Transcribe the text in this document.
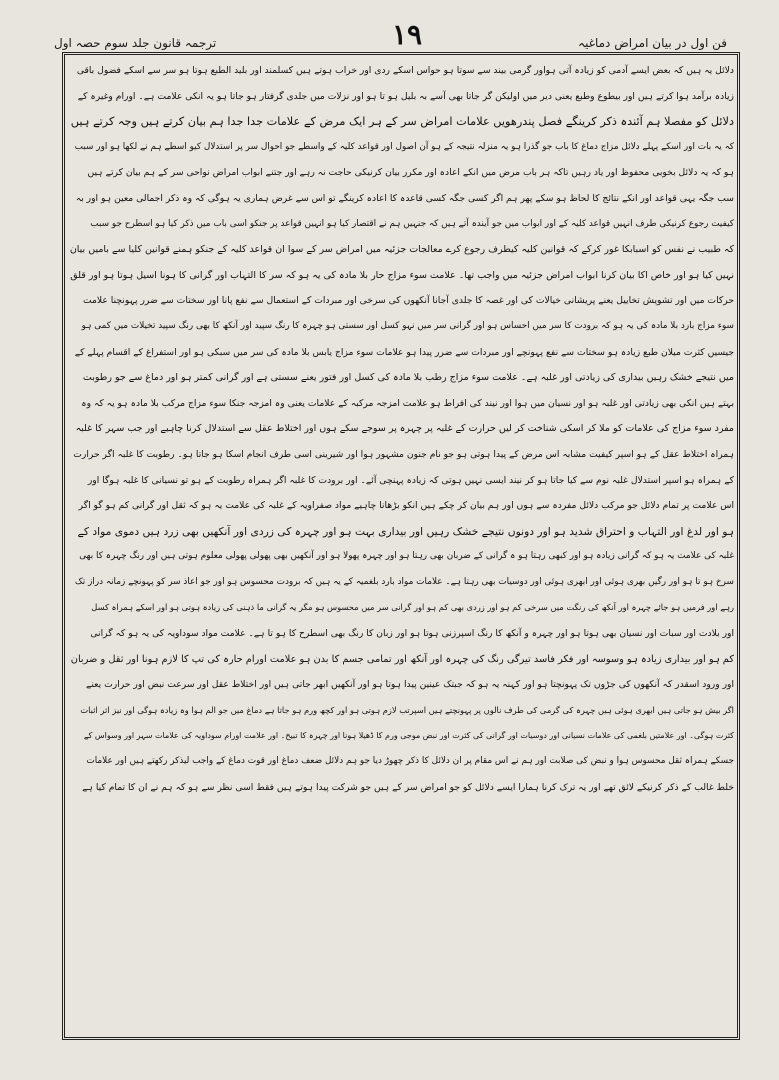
ترجمہ قانون جلد سوم حصہ اول	١٩	فن اول در بیان امراض دماغیہ
دلائل یہ ہیں کہ بعض ایسے آدمی کو زیادہ آتی ہواور گرمی بیند سے سوتا ہو حواس اسکے ردی اور خراب ہوتے ہیں کسلمند اور بلید الطبع ہوتا ہو سر سے اسکے فضول باقی
زیادہ برآمد ہوا کرتے ہیں اور بیطوع وطبع یعنی دیر میں اولیکن گر جاتا بھی آسے بہ بلیل ہو تا ہو اور نزلات میں جلدی گرفتار ہو جاتا ہو یہ انکی علامت ہے۔ اورام وغیرہ کے
دلائل کو مفصلا ہم آئندہ ذکر کرینگے فصل پندرھویں علامات امراض سر کے ہر ایک مرض کے علامات جدا جدا ہم بیان کرتے ہیں وجہ کرتے ہیں
کہ یہ بات اور اسکے پہلے دلائل مزاج دماغ کا باب جو گذرا ہو یہ منزلہ نتیجہ کے ہو آن اصول اور قواعد کلیہ کے واسطے جو احوال سر پر استدلال کیو اسطے ہم نے لکھا ہو اور سبب
ہو کہ یہ دلائل بخوبی محفوظ اور یاد رہیں تاکہ ہر باب مرض میں انکے اعادہ اور مکرر بیان کرنیکی حاجت نہ رہے اور جتنے ابواب امراض نواحی سر کے ہم بیان کرتے ہیں
سب جگہ یہی قواعد اور انکے نتائج کا لحاظ ہو سکے پھر ہم اگر کسی جگہ کسی قاعدہ کا اعادہ کرینگے تو اس سے غرض ہماری یہ ہوگی کہ وہ ذکر اجمالی معین ہو اور بہ
کیفیت رجوع کرنیکی طرف انہیں قواعد کلیہ کے اور ابواب میں جو آیندہ آتے ہیں کہ جنہیں ہم نے اقتصار کیا ہو انہیں قواعد پر جنکو اسی باب میں ذکر کیا ہو اسطرح جو سبب
کہ طبیب نے نفس کو اسبابکا غور کرکے کہ قوانین کلیہ کیطرف رجوع کرے معالجات جزئیہ میں امراض سر کے سوا ان قواعد کلیہ کے جنکو ہمنے قوانین کلیا سے بامیں بیان
نہیں کیا ہو اور خاص اکا بیان کرنا ابواب امراض جزئیہ میں واجب تھا۔ علامت سوء مزاج حار بلا مادہ کی یہ ہو کہ سر کا التہاب اور گرانی کا ہونا اسیل ہوتا ہو اور قلق
حرکات میں اور تشویش تخاییل یعنے پریشانی خیالات کی اور غصہ کا جلدی آجانا آنکھوں کی سرخی اور مبردات کے استعمال سے نفع پانا اور سختات سے ضرر پہونچنا علامت
سوء مزاج بارد بلا مادہ کی یہ ہو کہ برودت کا سر میں احساس ہو اور گرانی سر میں نہو کسل اور سستی ہو چہرہ کا رنگ سپید اور آنکھ کا بھی رنگ سپید تخیلات میں کمی ہو
جیسیں کثرت میلان طبع زیادہ ہو سختات سے نفع پہونچے اور مبردات سے ضرر پیدا ہو علامات سوء مزاج یابس بلا مادہ کی سر میں سبکی ہو اور استفراغ کے اقسام پہلے کے
میں نتیجے خشک رہیں بیداری کی زیادتی اور غلبہ ہے۔ علامت سوء مزاج رطب بلا مادہ کی کسل اور فتور یعنے سستی ہے اور گرانی کمتر ہو اور دماغ سے جو رطوبت
بہتے ہیں انکی بھی زیادتی اور غلبہ ہو اور نسیان میں ہوا اور نیند کی افراط ہو علامت امزجہ مرکبہ کے علامات یعنی وہ امزجہ جنکا سوء مزاج مرکب بلا مادہ ہو یہ کہ وہ
مفرد سوء مزاج کی علامات کو ملا کر اسکی شناخت کر لیں حرارت کے غلبہ پر چہرہ پر سوجے سکے ہوں اور اختلاط عقل سے استدلال کرنا چاہیے اور جب سہر کا غلبہ
ہمراہ اختلاط عقل کے ہو اسپر کیفیت مشابہ اس مرض کے پیدا ہوتی ہو جو نام جنون مشہور ہوا اور شیرینی اسی طرف انجام اسکا ہو جاتا ہو۔ رطوبت کا غلبہ اگر حرارت
کے ہمراہ ہو اسپر استدلال غلبہ نوم سے کیا جاتا ہو کر نیند ایسی نہیں ہوتی کہ زیادہ پہنچی آئے۔ اور برودت کا غلبہ اگر ہمراہ رطوبت کے ہو تو نسیانی کا غلبہ ہوگا اور
اس علامت پر تمام دلائل جو مرکب دلائل مفردہ سے ہوں اور ہم بیان کر چکے ہیں انکو بڑھانا چاہیے مواد صفراویہ کے غلبہ کی علامت یہ ہو کہ ثقل اور گرانی کم ہو گو اگر
ہو اور لدغ اور التہاب و احتراق شدید ہو اور دونوں نتیجے خشک رہیں اور بیداری بہت ہو اور چہرہ کی زردی اور آنکھیں بھی زرد ہیں دموی مواد کے
غلبہ کی علامت یہ ہو کہ گرانی زیادہ ہو اور کبھی رہتا ہو ہ گرانی کے ضربان بھی رہتا ہو اور چہرہ پھولا ہو اور آنکھیں بھی پھولی پھولی معلوم ہوتی ہیں اور رنگ چہرہ کا بھی
سرخ ہو تا ہو اور رگیں بھری ہوئی اور ابھری ہوئی اور دوسیات بھی رہتا ہے۔ علامات مواد بارد بلغمیہ کے یہ ہیں کہ برودت محسوس ہو اور جو اعاذ سر کو پہونچے زمانہ دراز تک
رہے اور فرمیں ہو جائے چہرہ اور آنکھ کی رنگت میں سرخی کم ہو اور زردی بھی کم ہو اور گرانی سر میں محسوس ہو مگر یہ گرانی ما ذہنی کی زیادہ ہوتی ہو اور اسکے ہمراہ کسل
اور بلادت اور سبات اور نسیان بھی ہوتا ہو اور چہرہ و آنکھ کا رنگ اسپرزنی ہوتا ہو اور زبان کا رنگ بھی اسطرح کا ہو تا ہے۔ علامت مواد سوداویہ کی یہ ہو کہ گرانی
کم ہو اور بیداری زیادہ ہو وسوسہ اور فکر فاسد تیرگی رنگ کی چہرہ اور آنکھ اور تمامی جسم کا بدن ہو علامت اورام حارہ کی تپ کا لازم ہونا اور ثقل و ضربان
اور ورود اسقدر کہ آنکھوں کی جڑوں تک پہونچتا ہو اور کہنہ یہ ہو کہ جبتک عینین پیدا ہوتا ہو اور آنکھیں ابھر جاتی ہیں اور اختلاط عقل اور سرعت نبض اور حرارت یعنے
اگر بیش ہو جاتی ہیں ابھری ہوئی ہیں چہرہ کی گرمی کی طرف نالوں پر پہونچتے ہیں اسپرتب لازم ہوتی ہو اور کچھ ورم ہو جاتا ہے دماغ میں جو الم ہوا وہ زیادہ ہوگی اور نیز اثر اثبات
کثرت ہوگی۔ اور علامتیں بلغمی کی علامات نسیانی اور دوسیات اور گرانی کی کثرت اور نبض موجی ورم کا ڈھیلا ہونا اور چہرہ کا تبیخ۔ اور علامت اورام سوداویہ کی علامات سہر اور وسواس کے
جسکے ہمراہ ثقل محسوس ہوا و نبض کی صلابت اور ہم نے اس مقام پر ان دلائل کا ذکر چھوڑ دیا جو ہم دلائل ضعف دماغ اور قوت دماغ کے واجب لیذکر رکھتے ہیں اور علامات
خلط غالب کے ذکر کرنیکے لائق تھے اور یہ ترک کرنا ہمارا ایسے دلائل کو جو امراض سر کے ہیں جو شرکت پیدا ہوتے ہیں فقط اسی نظر سے ہو کہ ہم نے ان کا تمام کیا ہے
